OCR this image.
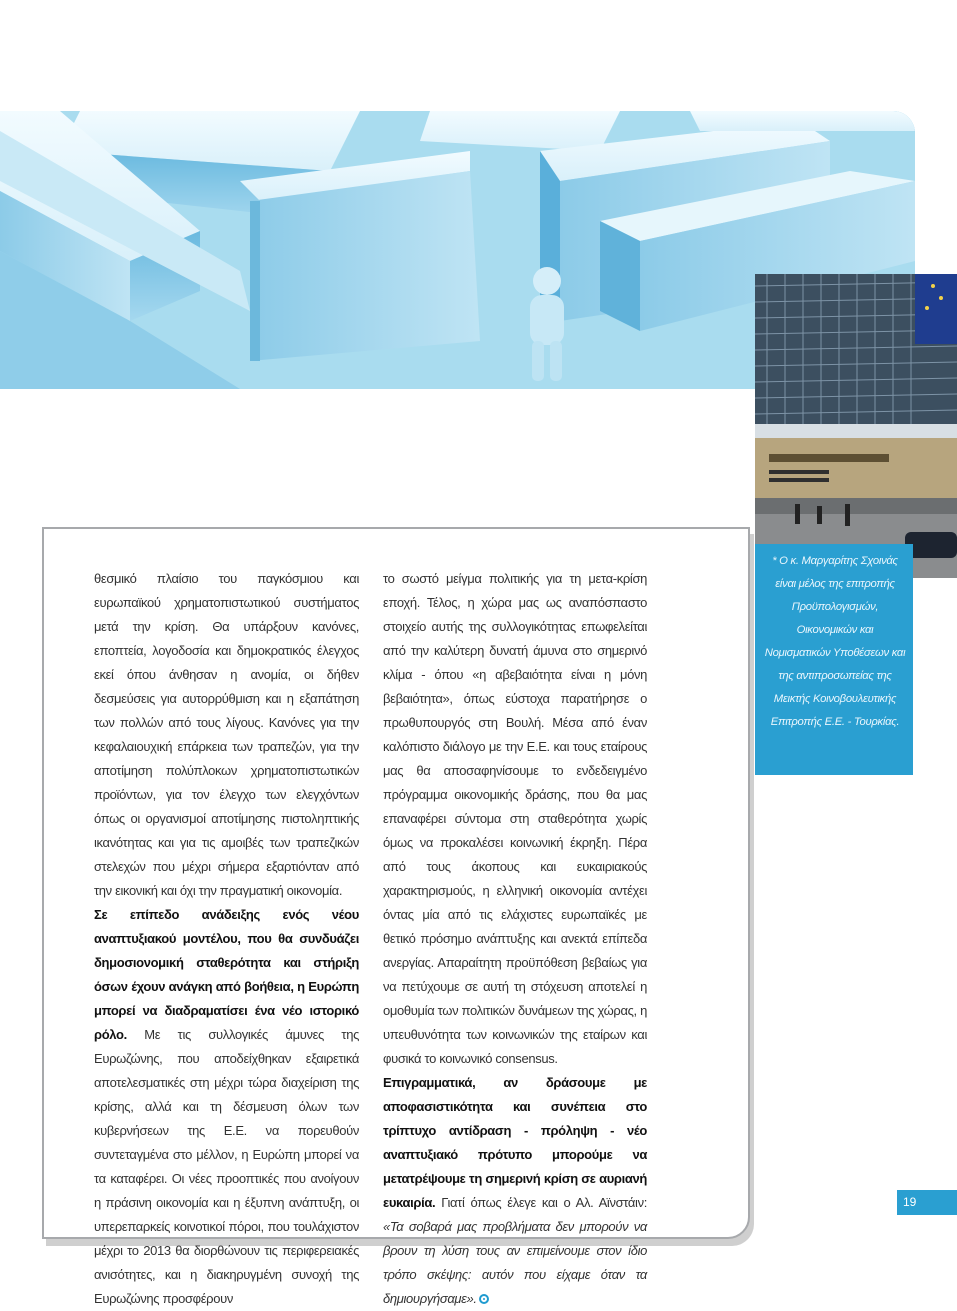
* Ο κ. Μαργαρίτης Σχοινάς είναι μέλος της επιτροπής Προϋπολογισμών, Οικονομικών και Νομισματικών Υποθέσεων και της αντιπροσωπείας της Μεικτής Κοινοβουλευτικής Επιτροπής Ε.Ε. - Τουρκίας.

θεσμικό πλαίσιο του παγκόσμιου και ευρωπαϊκού χρηματοπιστωτικού συστήματος μετά την κρίση. Θα υπάρξουν κανόνες, εποπτεία, λογοδοσία και δημοκρατικός έλεγχος εκεί όπου άνθησαν η ανομία, οι δήθεν δεσμεύσεις για αυτορρύθμιση και η εξαπάτηση των πολλών από τους λίγους. Κανόνες για την κεφαλαιουχική επάρκεια των τραπεζών, για την αποτίμηση πολύπλοκων χρηματοπιστωτικών προϊόντων, για τον έλεγχο των ελεγχόντων όπως οι οργανισμοί αποτίμησης πιστοληπτικής ικανότητας και για τις αμοιβές των τραπεζικών στελεχών που μέχρι σήμερα εξαρτιόνταν από την εικονική και όχι την πραγματική οικονομία.

Σε επίπεδο ανάδειξης ενός νέου αναπτυξιακού μοντέλου, που θα συνδυάζει δημοσιονομική σταθερότητα και στήριξη όσων έχουν ανάγκη από βοήθεια, η Ευρώπη μπορεί να διαδραματίσει ένα νέο ιστορικό ρόλο. Με τις συλλογικές άμυνες της Ευρωζώνης, που αποδείχθηκαν εξαιρετικά αποτελεσματικές στη μέχρι τώρα διαχείριση της κρίσης, αλλά και τη δέσμευση όλων των κυβερνήσεων της Ε.Ε. να πορευθούν συντεταγμένα στο μέλλον, η Ευρώπη μπορεί να τα καταφέρει. Οι νέες προοπτικές που ανοίγουν η πράσινη οικονομία και η έξυπνη ανάπτυξη, οι υπερεπαρκείς κοινοτικοί πόροι, που τουλάχιστον μέχρι το 2013 θα διορθώνουν τις περιφερειακές ανισότητες, και η διακηρυγμένη συνοχή της Ευρωζώνης προσφέρουν

το σωστό μείγμα πολιτικής για τη μετα-κρίση εποχή. Τέλος, η χώρα μας ως αναπόσπαστο στοιχείο αυτής της συλλογικότητας επωφελείται από την καλύτερη δυνατή άμυνα στο σημερινό κλίμα - όπου «η αβεβαιότητα είναι η μόνη βεβαιότητα», όπως εύστοχα παρατήρησε ο πρωθυπουργός στη Βουλή. Μέσα από έναν καλόπιστο διάλογο με την Ε.Ε. και τους εταίρους μας θα αποσαφηνίσουμε το ενδεδειγμένο πρόγραμμα οικονομικής δράσης, που θα μας επαναφέρει σύντομα στη σταθερότητα χωρίς όμως να προκαλέσει κοινωνική έκρηξη. Πέρα από τους άκοπους και ευκαιριακούς χαρακτηρισμούς, η ελληνική οικονομία αντέχει όντας μία από τις ελάχιστες ευρωπαϊκές με θετικό πρόσημο ανάπτυξης και ανεκτά επίπεδα ανεργίας. Απαραίτητη προϋπόθεση βεβαίως για να πετύχουμε σε αυτή τη στόχευση αποτελεί η ομοθυμία των πολιτικών δυνάμεων της χώρας, η υπευθυνότητα των κοινωνικών της εταίρων και φυσικά το κοινωνικό consensus.

Επιγραμματικά, αν δράσουμε με αποφασιστικότητα και συνέπεια στο τρίπτυχο αντίδραση - πρόληψη - νέο αναπτυξιακό πρότυπο μπορούμε να μετατρέψουμε τη σημερινή κρίση σε αυριανή ευκαιρία. Γιατί όπως έλεγε και ο Αλ. Αϊνστάιν: «Τα σοβαρά μας προβλήματα δεν μπορούν να βρουν τη λύση τους αν επιμείνουμε στον ίδιο τρόπο σκέψης: αυτόν που είχαμε όταν τα δημιουργήσαμε».

19
